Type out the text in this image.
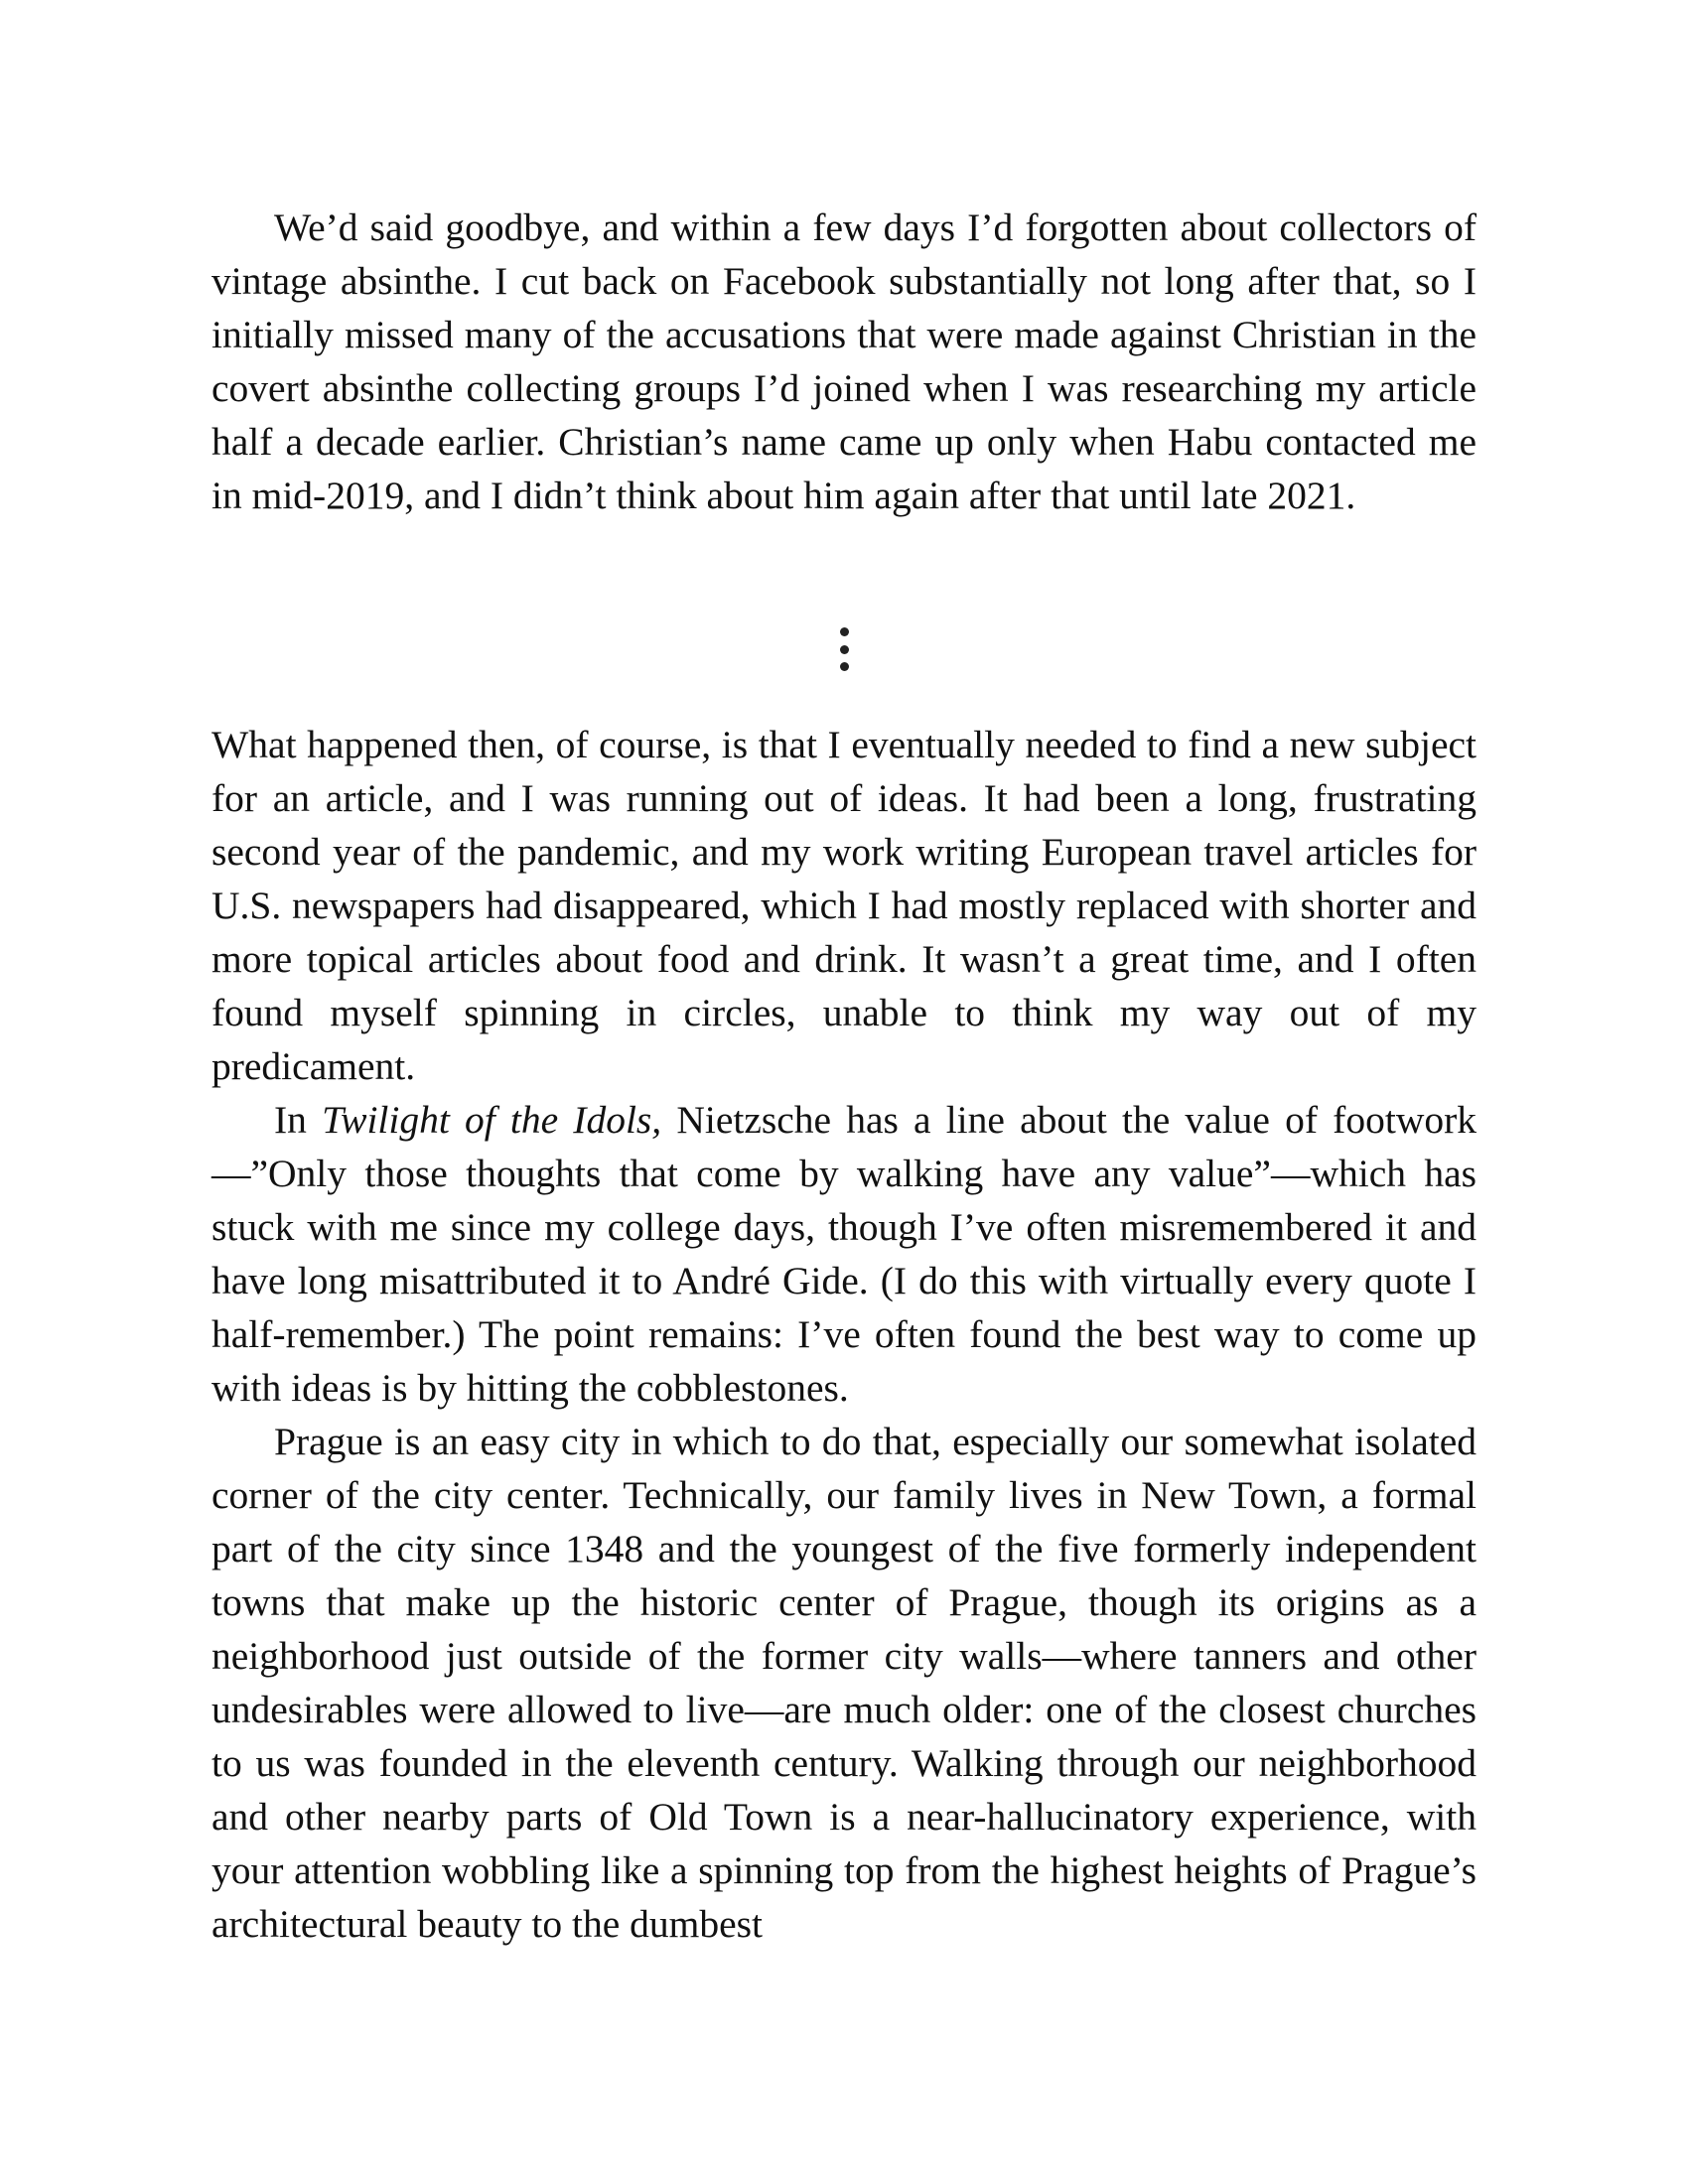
We’d said goodbye, and within a few days I’d forgotten about collectors of vintage absinthe. I cut back on Facebook substantially not long after that, so I initially missed many of the accusations that were made against Christian in the covert absinthe collecting groups I’d joined when I was researching my article half a decade earlier. Christian’s name came up only when Habu contacted me in mid-2019, and I didn’t think about him again after that until late 2021.

What happened then, of course, is that I eventually needed to find a new subject for an article, and I was running out of ideas. It had been a long, frustrating second year of the pandemic, and my work writing European travel articles for U.S. newspapers had disappeared, which I had mostly replaced with shorter and more topical articles about food and drink. It wasn’t a great time, and I often found myself spinning in circles, unable to think my way out of my predicament.

In Twilight of the Idols, Nietzsche has a line about the value of footwork —”Only those thoughts that come by walking have any value”—which has stuck with me since my college days, though I’ve often misremembered it and have long misattributed it to André Gide. (I do this with virtually every quote I half-remember.) The point remains: I’ve often found the best way to come up with ideas is by hitting the cobblestones.

Prague is an easy city in which to do that, especially our somewhat isolated corner of the city center. Technically, our family lives in New Town, a formal part of the city since 1348 and the youngest of the five formerly independent towns that make up the historic center of Prague, though its origins as a neighborhood just outside of the former city walls—where tanners and other undesirables were allowed to live—are much older: one of the closest churches to us was founded in the eleventh century. Walking through our neighborhood and other nearby parts of Old Town is a near-hallucinatory experience, with your attention wobbling like a spinning top from the highest heights of Prague’s architectural beauty to the dumbest
